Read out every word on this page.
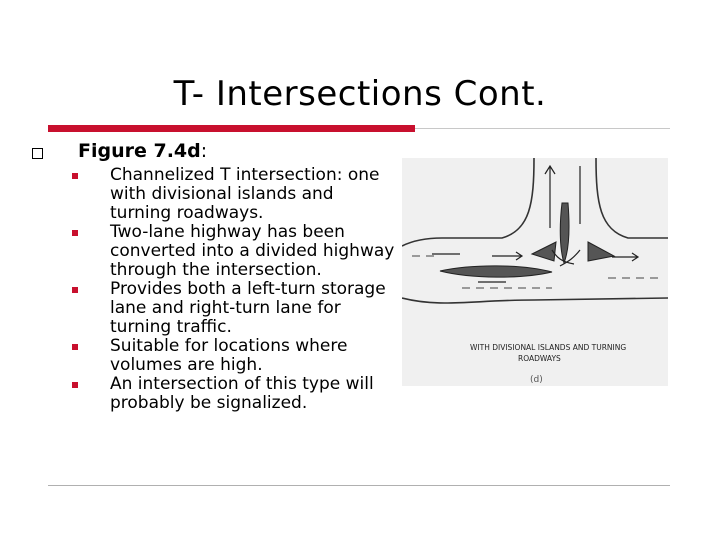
T- Intersections Cont.
Figure 7.4d:
Channelized T intersection: one with divisional islands and turning roadways.
Two-lane highway has been converted into a divided highway through the intersection.
Provides both a left-turn storage lane and right-turn lane for turning traffic.
Suitable for locations where volumes are high.
An intersection of this type will probably be signalized.
WITH DIVISIONAL ISLANDS AND TURNING
ROADWAYS
(d)
